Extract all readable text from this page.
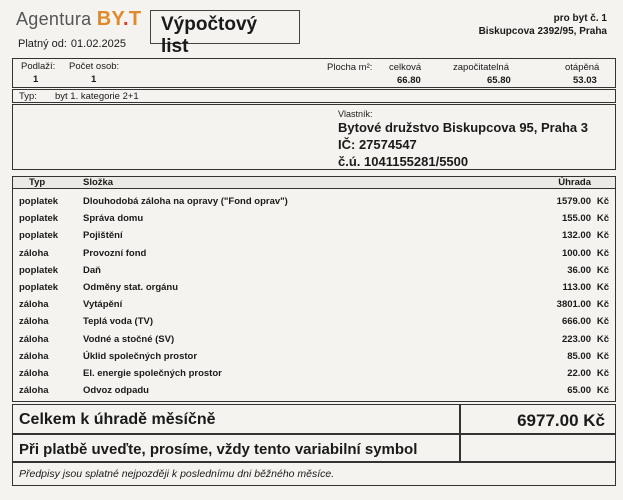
Agentura BY.T
Platný od: 01.02.2025
Výpočtový list
pro byt č. 1
Biskupcova 2392/95, Praha
Podlaží:
1
Počet osob:
1
Plocha m²: celková
66.80
započitatelná
65.80
otápěná
53.03
Typ: byt 1. kategorie 2+1
Vlastník:
Bytové družstvo Biskupcova 95, Praha 3
IČ: 27574547
č.ú. 1041155281/5500
Typ	Složka	Úhrada
poplatek	Dlouhodobá záloha na opravy ("Fond oprav")	1579.00 Kč
poplatek	Správa domu	155.00 Kč
poplatek	Pojištění	132.00 Kč
záloha	Provozní fond	100.00 Kč
poplatek	Daň	36.00 Kč
poplatek	Odměny stat. orgánu	113.00 Kč
záloha	Vytápění	3801.00 Kč
záloha	Teplá voda (TV)	666.00 Kč
záloha	Vodné a stočné (SV)	223.00 Kč
záloha	Úklid společných prostor	85.00 Kč
záloha	El. energie společných prostor	22.00 Kč
záloha	Odvoz odpadu	65.00 Kč
Celkem k úhradě měsíčně	6977.00 Kč
Při platbě uveďte, prosíme, vždy tento variabilní symbol
Předpisy jsou splatné nejpozději k poslednímu dni běžného měsíce.
